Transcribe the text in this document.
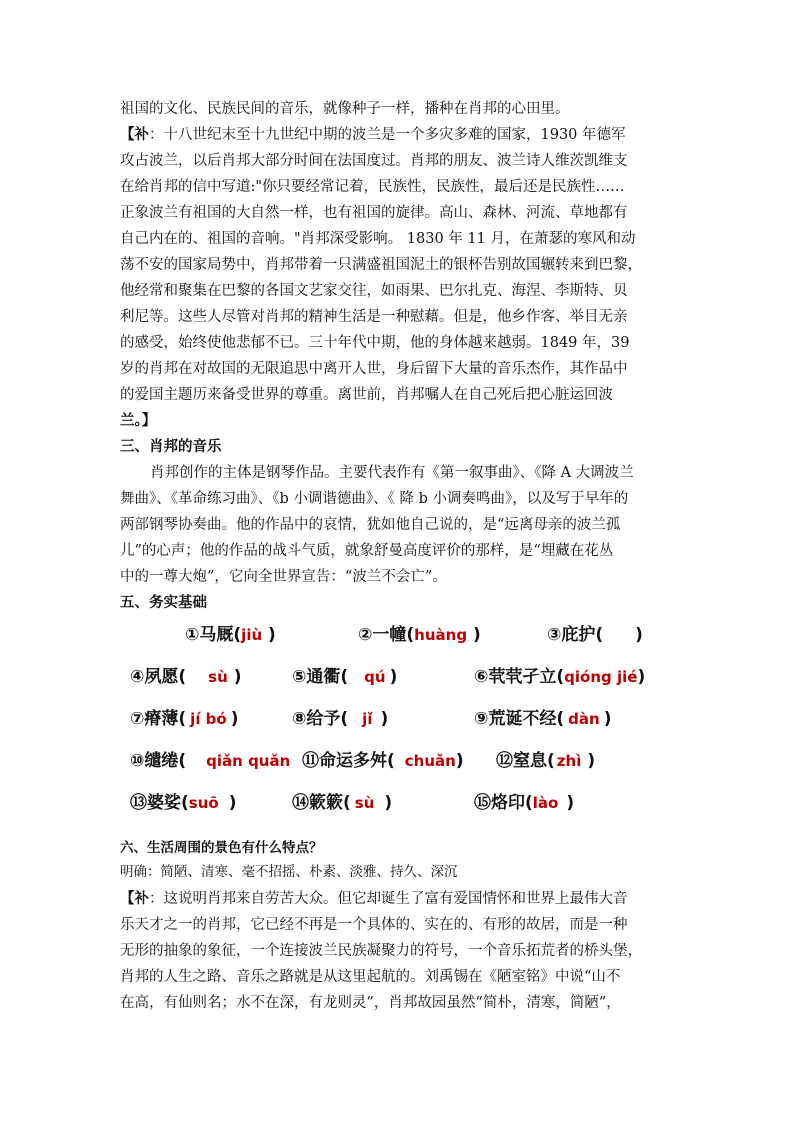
祖国的文化、民族民间的音乐，就像种子一样，播种在肖邦的心田里。
【补：十八世纪末至十九世纪中期的波兰是一个多灾多难的国家，1930 年德军
攻占波兰，以后肖邦大部分时间在法国度过。肖邦的朋友、波兰诗人维茨凯维支
在给肖邦的信中写道:"你只要经常记着，民族性，民族性，最后还是民族性……
正象波兰有祖国的大自然一样，也有祖国的旋律。高山、森林、河流、草地都有
自己内在的、祖国的音响。"肖邦深受影响。 1830 年 11 月，在萧瑟的寒风和动
荡不安的国家局势中，肖邦带着一只满盛祖国泥土的银杯告别故国辗转来到巴黎，
他经常和聚集在巴黎的各国文艺家交往，如雨果、巴尔扎克、海涅、李斯特、贝
利尼等。这些人尽管对肖邦的精神生活是一种慰藉。但是，他乡作客、举目无亲
的感受，始终使他悲郁不已。三十年代中期，他的身体越来越弱。1849 年，39
岁的肖邦在对故国的无限追思中离开人世，身后留下大量的音乐杰作，其作品中
的爱国主题历来备受世界的尊重。离世前，肖邦嘱人在自己死后把心脏运回波
兰。】
三、肖邦的音乐
肖邦创作的主体是钢琴作品。主要代表作有《第一叙事曲》、《降 A 大调波兰
舞曲》、《革命练习曲》、《b 小调谐德曲》、《 降 b 小调奏鸣曲》，以及写于早年的
两部钢琴协奏曲。他的作品中的哀情，犹如他自己说的，是“远离母亲的波兰孤
儿”的心声；他的作品的战斗气质，就象舒曼高度评价的那样，是“埋藏在花丛
中的一尊大炮”，它向全世界宣告：“波兰不会亡”。
五、务实基础
①马厩(jiù )	②一幢(huàng )	③庇护( )
④夙愿( sù )	⑤通衢( qú )	⑥茕茕孑立(qióng jié)
⑦瘠薄( jí bó )	⑧给予( jǐ )	⑨荒诞不经( dàn )
⑩缱绻( qiǎn quǎn ⑪命运多舛( chuǎn) ⑫窒息( zhì )
⑬婆娑(suō )	⑭簌簌( sù )	⑮烙印(lào )
六、生活周围的景色有什么特点？
明确：简陋、清寒、毫不招摇、朴素、淡雅、持久、深沉
【补：这说明肖邦来自劳苦大众。但它却诞生了富有爱国情怀和世界上最伟大音
乐天才之一的肖邦，它已经不再是一个具体的、实在的、有形的故居，而是一种
无形的抽象的象征，一个连接波兰民族凝聚力的符号，一个音乐拓荒者的桥头堡，
肖邦的人生之路、音乐之路就是从这里起航的。刘禹锡在《陋室铭》中说“山不
在高，有仙则名；水不在深，有龙则灵”，肖邦故园虽然“简朴，清寒，简陋”，
